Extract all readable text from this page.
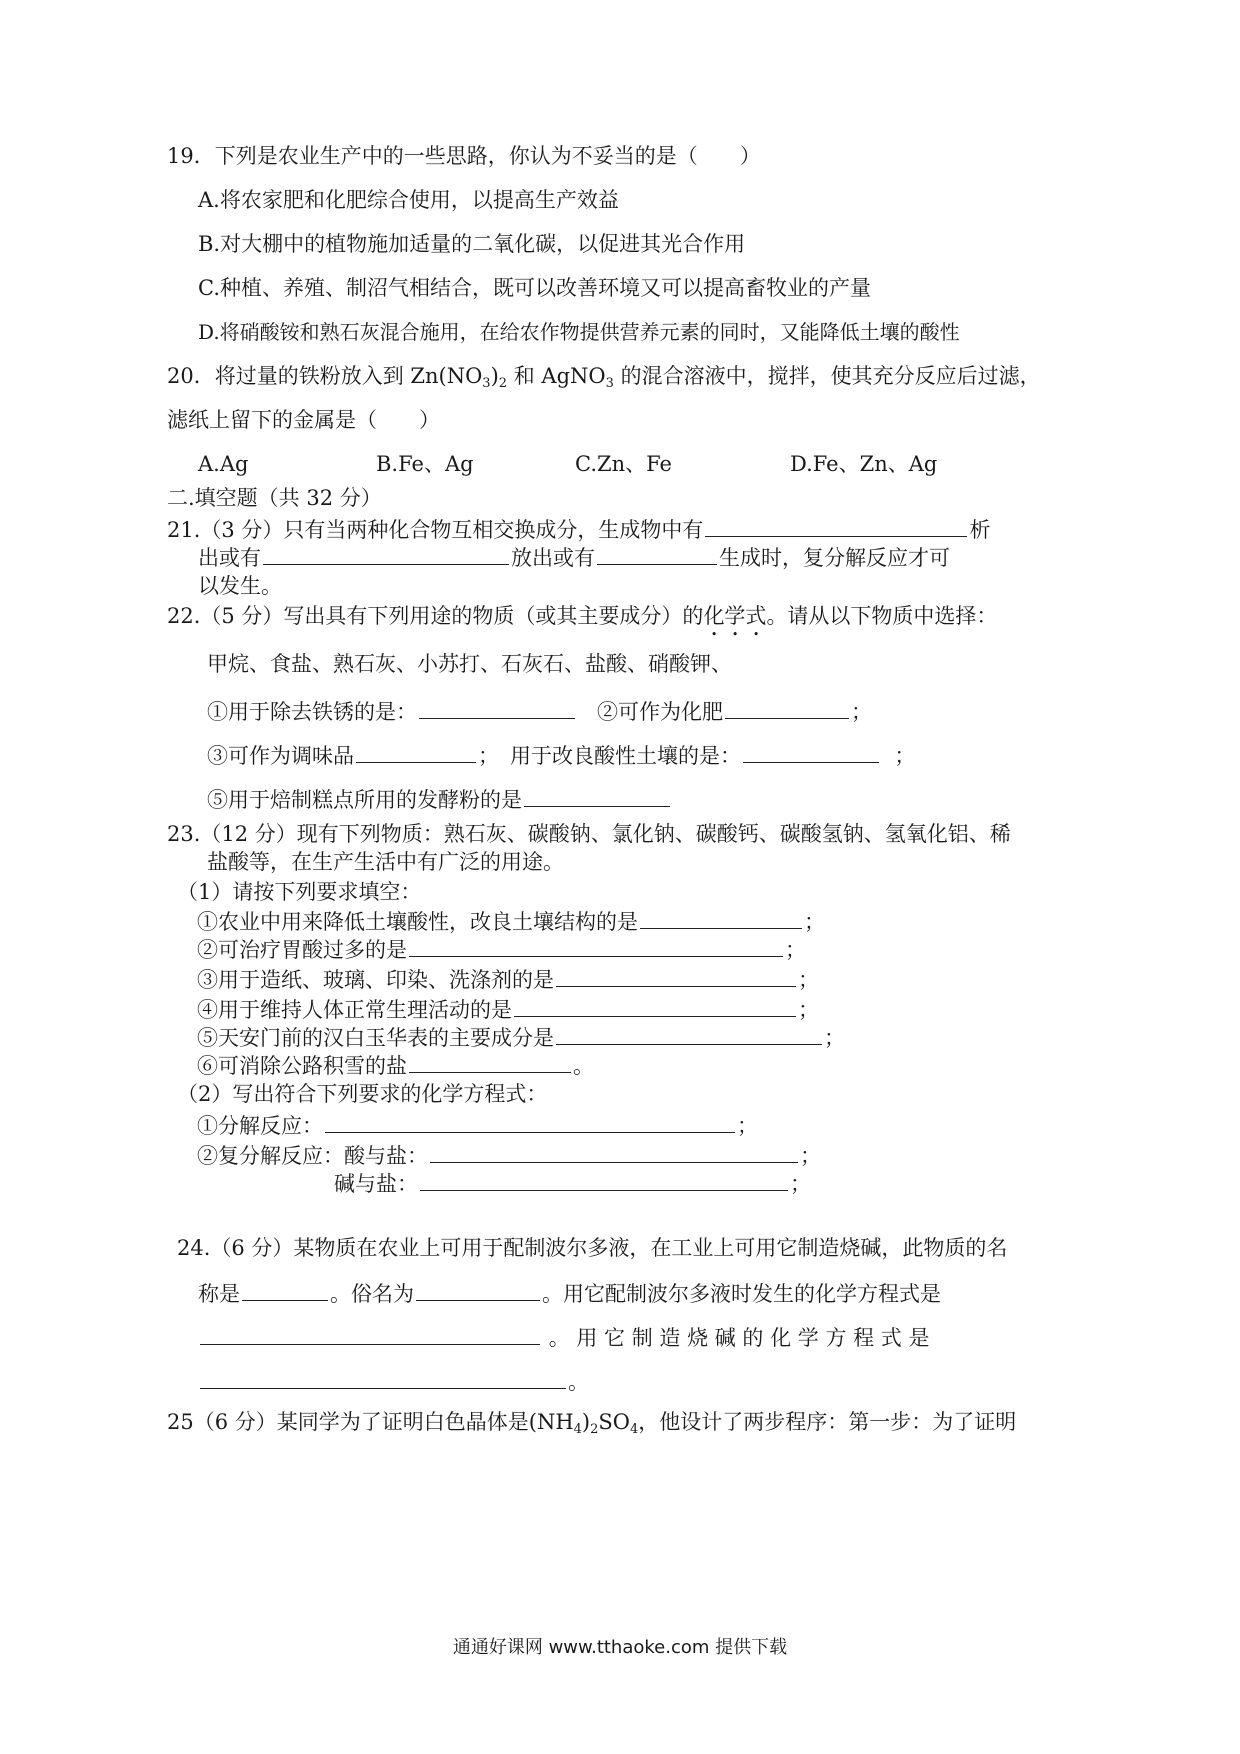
19．下列是农业生产中的一些思路，你认为不妥当的是（　　）
A.将农家肥和化肥综合使用，以提高生产效益
B.对大棚中的植物施加适量的二氧化碳，以促进其光合作用
C.种植、养殖、制沼气相结合，既可以改善环境又可以提高畜牧业的产量
D.将硝酸铵和熟石灰混合施用，在给农作物提供营养元素的同时，又能降低土壤的酸性
20．将过量的铁粉放入到 $Zn(NO_3)_2$ 和 AgNO$_3$ 的混合溶液中，搅拌，使其充分反应后过滤，
滤纸上留下的金属是（　　）
A.Ag	B.Fe、Ag	C.Zn、Fe	D.Fe、Zn、Ag
二.填空题（共 32 分）
21.（3 分）只有当两种化合物互相交换成分，生成物中有	析
出或有	放出或有	生成时，复分解反应才可
以发生。
22.（5 分）写出具有下列用途的物质（或其主要成分）的化学式。请从以下物质中选择：
甲烷、食盐、熟石灰、小苏打、石灰石、盐酸、硝酸钾、
①用于除去铁锈的是：	②可作为化肥	；
③可作为调味品	； 用于改良酸性土壤的是：	；
⑤用于焙制糕点所用的发酵粉的是
23.（12 分）现有下列物质：熟石灰、碳酸钠、氯化钠、碳酸钙、碳酸氢钠、氢氧化铝、稀
盐酸等，在生产生活中有广泛的用途。
（1）请按下列要求填空：
①农业中用来降低土壤酸性，改良土壤结构的是	；
②可治疗胃酸过多的是	；
③用于造纸、玻璃、印染、洗涤剂的是	；
④用于维持人体正常生理活动的是	；
⑤天安门前的汉白玉华表的主要成分是	；
⑥可消除公路积雪的盐	。
（2）写出符合下列要求的化学方程式：
①分解反应：	；
②复分解反应：酸与盐：	；
碱与盐：	；
24.（6 分）某物质在农业上可用于配制波尔多液，在工业上可用它制造烧碱，此物质的名
称是	。俗名为	。用它配制波尔多液时发生的化学方程式是
。 用 它 制 造 烧 碱 的 化 学 方 程 式 是
。
25（6 分）某同学为了证明白色晶体是$(NH_4)_2SO_4$，他设计了两步程序：第一步：为了证明
通通好课网 www.tthaoke.com 提供下载
